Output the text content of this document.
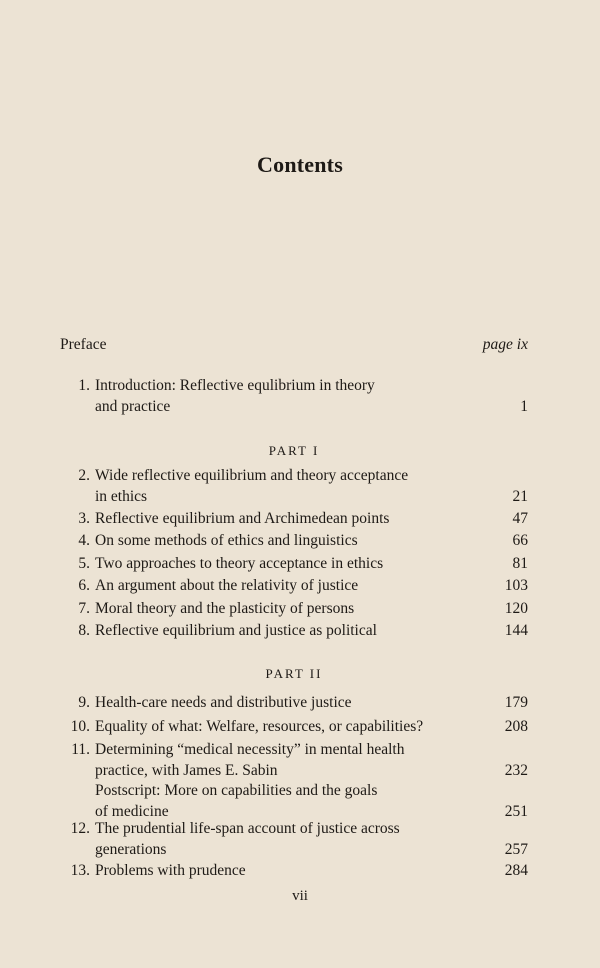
Contents
Preface	page ix
1. Introduction: Reflective equlibrium in theory
and practice	1
PART I
2. Wide reflective equilibrium and theory acceptance
in ethics	21
3. Reflective equilibrium and Archimedean points	47
4. On some methods of ethics and linguistics	66
5. Two approaches to theory acceptance in ethics	81
6. An argument about the relativity of justice	103
7. Moral theory and the plasticity of persons	120
8. Reflective equilibrium and justice as political	144
PART II
9. Health-care needs and distributive justice	179
10. Equality of what: Welfare, resources, or capabilities?	208
11. Determining “medical necessity” in mental health
practice, with James E. Sabin	232
Postscript: More on capabilities and the goals
of medicine	251
12. The prudential life-span account of justice across
generations	257
13. Problems with prudence	284
vii
